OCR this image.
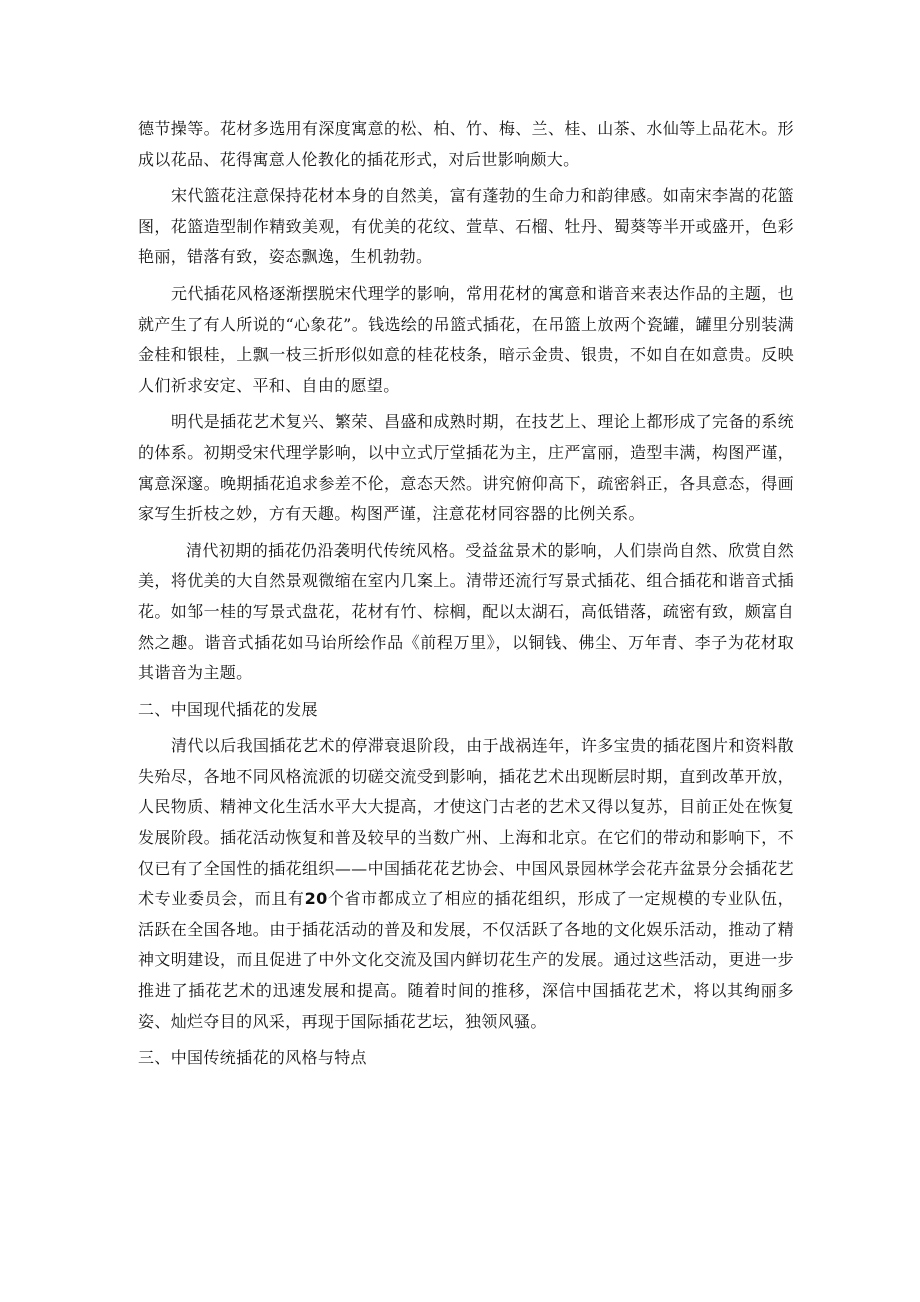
德节操等。花材多选用有深度寓意的松、柏、竹、梅、兰、桂、山茶、水仙等上品花木。形成以花品、花得寓意人伦教化的插花形式，对后世影响颇大。

宋代篮花注意保持花材本身的自然美，富有蓬勃的生命力和韵律感。如南宋李嵩的花篮图，花篮造型制作精致美观，有优美的花纹、萱草、石榴、牡丹、蜀葵等半开或盛开，色彩艳丽，错落有致，姿态飘逸，生机勃勃。

元代插花风格逐渐摆脱宋代理学的影响，常用花材的寓意和谐音来表达作品的主题，也就产生了有人所说的“心象花”。钱选绘的吊篮式插花，在吊篮上放两个瓷罐，罐里分别装满金桂和银桂，上飘一枝三折形似如意的桂花枝条，暗示金贵、银贵，不如自在如意贵。反映人们祈求安定、平和、自由的愿望。

明代是插花艺术复兴、繁荣、昌盛和成熟时期，在技艺上、理论上都形成了完备的系统的体系。初期受宋代理学影响，以中立式厅堂插花为主，庄严富丽，造型丰满，构图严谨，寓意深邃。晚期插花追求参差不伦，意态天然。讲究俯仰高下，疏密斜正，各具意态，得画家写生折枝之妙，方有天趣。构图严谨，注意花材同容器的比例关系。

清代初期的插花仍沿袭明代传统风格。受益盆景术的影响，人们崇尚自然、欣赏自然美，将优美的大自然景观微缩在室内几案上。清带还流行写景式插花、组合插花和谐音式插花。如邹一桂的写景式盘花，花材有竹、棕榈，配以太湖石，高低错落，疏密有致，颇富自然之趣。谐音式插花如马诒所绘作品《前程万里》，以铜钱、佛尘、万年青、李子为花材取其谐音为主题。

二、中国现代插花的发展

清代以后我国插花艺术的停滞衰退阶段，由于战祸连年，许多宝贵的插花图片和资料散失殆尽，各地不同风格流派的切磋交流受到影响，插花艺术出现断层时期，直到改革开放，人民物质、精神文化生活水平大大提高，才使这门古老的艺术又得以复苏，目前正处在恢复发展阶段。插花活动恢复和普及较早的当数广州、上海和北京。在它们的带动和影响下，不仅已有了全国性的插花组织——中国插花花艺协会、中国风景园林学会花卉盆景分会插花艺术专业委员会，而且有20个省市都成立了相应的插花组织，形成了一定规模的专业队伍，活跃在全国各地。由于插花活动的普及和发展，不仅活跃了各地的文化娱乐活动，推动了精神文明建设，而且促进了中外文化交流及国内鲜切花生产的发展。通过这些活动，更进一步推进了插花艺术的迅速发展和提高。随着时间的推移，深信中国插花艺术，将以其绚丽多姿、灿烂夺目的风采，再现于国际插花艺坛，独领风骚。

三、中国传统插花的风格与特点
